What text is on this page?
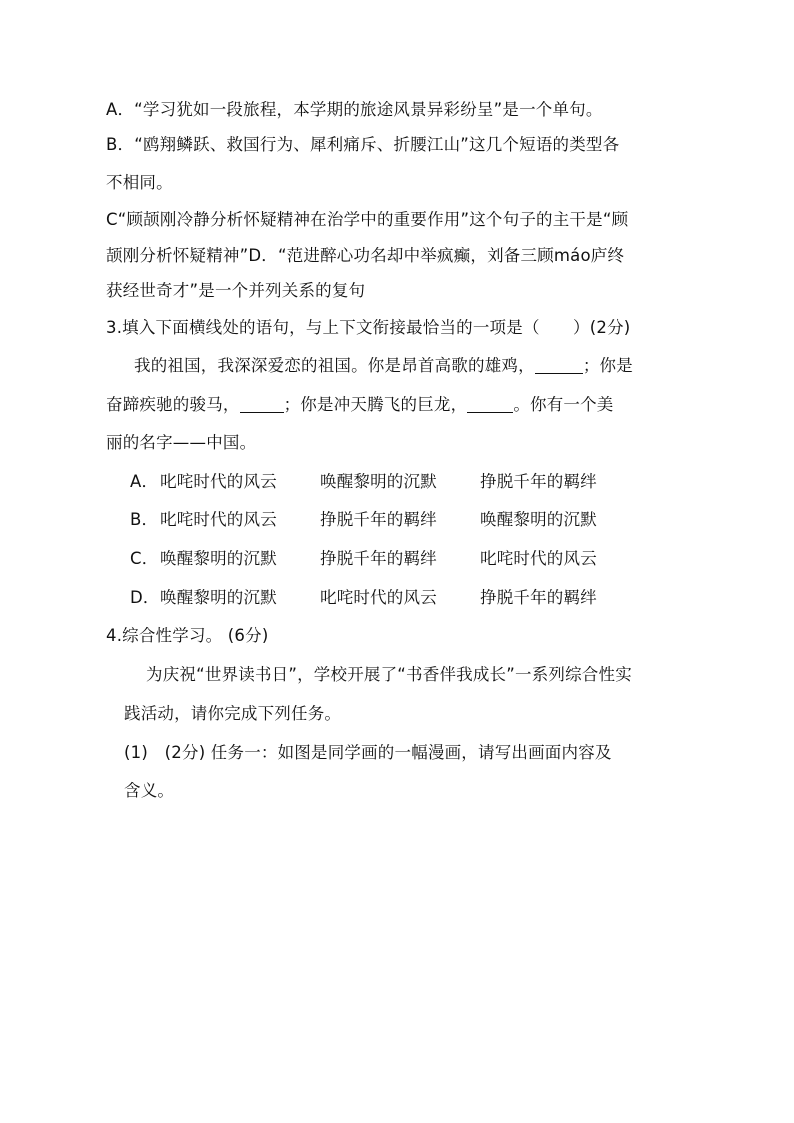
A．“学习犹如一段旅程，本学期的旅途风景异彩纷呈”是一个单句。
B．“鸥翔鳞跃、救国行为、犀利痛斥、折腰江山”这几个短语的类型各
不相同。
C“顾颉刚冷静分析怀疑精神在治学中的重要作用”这个句子的主干是“顾
颉刚分析怀疑精神”D．“范进醉心功名却中举疯癫，刘备三顾máo庐终
获经世奇才”是一个并列关系的复句
3.填入下面横线处的语句，与上下文衔接最恰当的一项是（　　）(2分)
我的祖国，我深深爱恋的祖国。你是昂首高歌的雄鸡，	；你是
奋蹄疾驰的骏马，	；你是冲天腾飞的巨龙，	。你有一个美
丽的名字——中国。
A． 叱咤时代的风云	唤醒黎明的沉默	挣脱千年的羁绊
B． 叱咤时代的风云	挣脱千年的羁绊	唤醒黎明的沉默
C．唤醒黎明的沉默	挣脱千年的羁绊	叱咤时代的风云
D．唤醒黎明的沉默	叱咤时代的风云	挣脱千年的羁绊
4.综合性学习。 (6分)
为庆祝“世界读书日”，学校开展了“书香伴我成长”一系列综合性实
践活动，请你完成下列任务。
(1)　(2分) 任务一：如图是同学画的一幅漫画，请写出画面内容及
含义。
